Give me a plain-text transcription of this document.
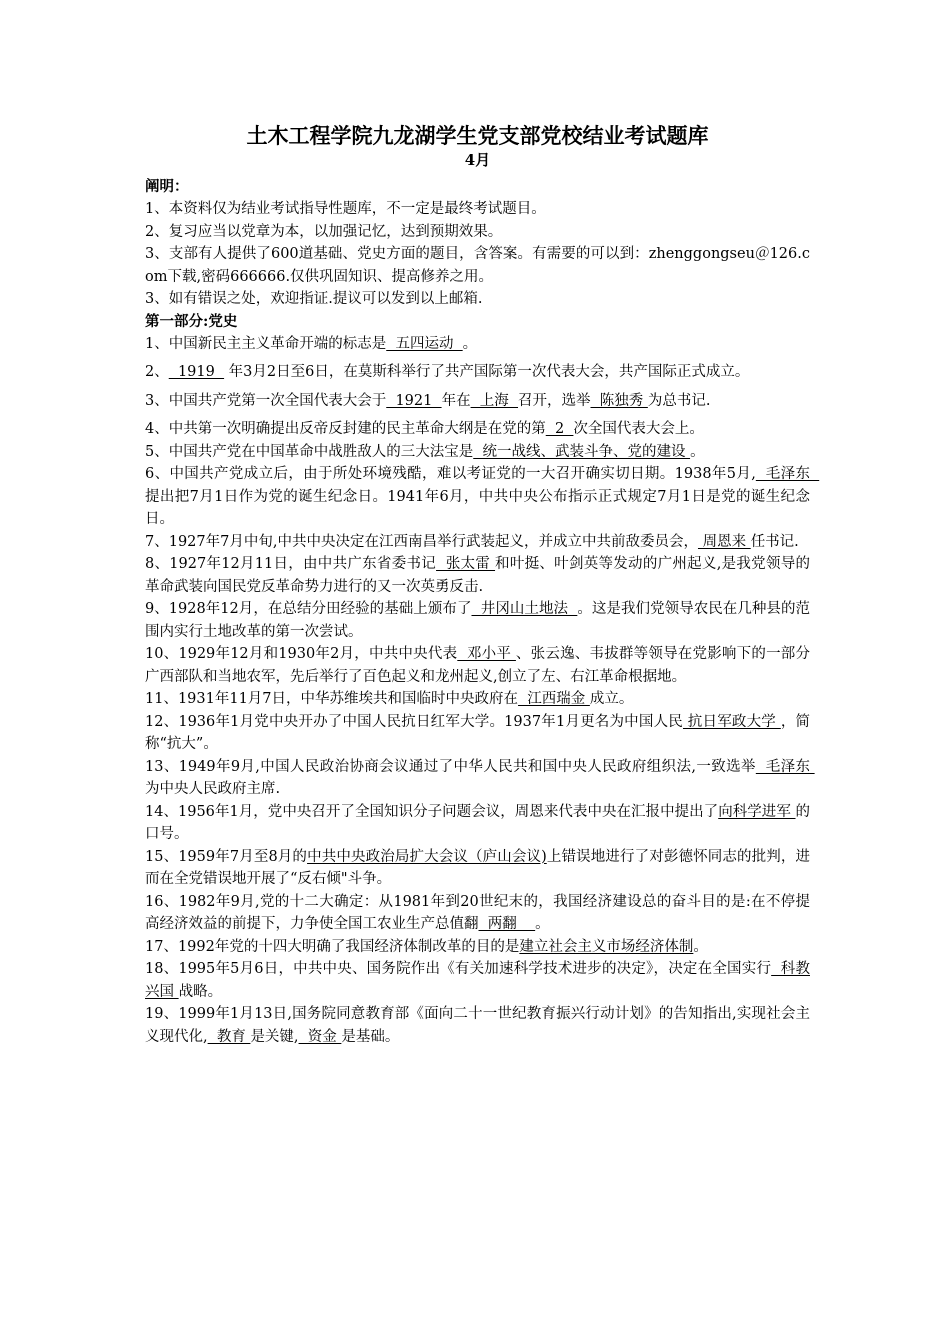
土木工程学院九龙湖学生党支部党校结业考试题库
4月
阐明：

1、本资料仅为结业考试指导性题库，不一定是最终考试题目。

2、复习应当以党章为本，以加强记忆，达到预期效果。

3、支部有人提供了600道基础、党史方面的题目，含答案。有需要的可以到：zhenggongseu＠126.com下载,密码666666.仅供巩固知识、提高修养之用。

3、如有错误之处，欢迎指证.提议可以发到以上邮箱.

第一部分:党史

1、中国新民主主义革命开端的标志是  五四运动  。

2、  1919   年3月2日至6日，在莫斯科举行了共产国际第一次代表大会，共产国际正式成立。

3、中国共产党第一次全国代表大会于  1921  年在  上海  召开，选举  陈独秀 为总书记.

4、中共第一次明确提出反帝反封建的民主革命大纲是在党的第  2  次全国代表大会上。

5、中国共产党在中国革命中战胜敌人的三大法宝是  统一战线、武装斗争、党的建设 。

6、中国共产党成立后，由于所处环境残酷，难以考证党的一大召开确实切日期。1938年5月,  毛泽东  提出把7月1日作为党的诞生纪念日。1941年6月，中共中央公布指示正式规定7月1日是党的诞生纪念日。

7、1927年7月中旬,中共中央决定在江西南昌举行武装起义，并成立中共前敌委员会， 周恩来 任书记.

8、1927年12月11日，由中共广东省委书记  张太雷 和叶挺、叶剑英等发动的广州起义,是我党领导的革命武装向国民党反革命势力进行的又一次英勇反击.

9、1928年12月，在总结分田经验的基础上颁布了  井冈山土地法  。这是我们党领导农民在几种县的范围内实行土地改革的第一次尝试。

10、1929年12月和1930年2月，中共中央代表  邓小平 、张云逸、韦拔群等领导在党影响下的一部分广西部队和当地农军，先后举行了百色起义和龙州起义,创立了左、右江革命根据地。

11、1931年11月7日，中华苏维埃共和国临时中央政府在  江西瑞金 成立。

12、1936年1月党中央开办了中国人民抗日红军大学。1937年1月更名为中国人民 抗日军政大学 ，简称“抗大”。

13、1949年9月,中国人民政治协商会议通过了中华人民共和国中央人民政府组织法,一致选举  毛泽东 为中央人民政府主席.

14、1956年1月，党中央召开了全国知识分子问题会议，周恩来代表中央在汇报中提出了向科学进军 的口号。

15、1959年7月至8月的中共中央政治局扩大会议（庐山会议)上错误地进行了对彭德怀同志的批判，进而在全党错误地开展了“反右倾"斗争。

16、1982年9月,党的十二大确定：从1981年到20世纪末的，我国经济建设总的奋斗目的是:在不停提高经济效益的前提下，力争使全国工农业生产总值翻  两翻    。

17、1992年党的十四大明确了我国经济体制改革的目的是建立社会主义市场经济体制。

18、1995年5月6日，中共中央、国务院作出《有关加速科学技术进步的决定》，决定在全国实行  科教兴国 战略。

19、1999年1月13日,国务院同意教育部《面向二十一世纪教育振兴行动计划》的告知指出,实现社会主义现代化,  教育 是关键,  资金 是基础。
